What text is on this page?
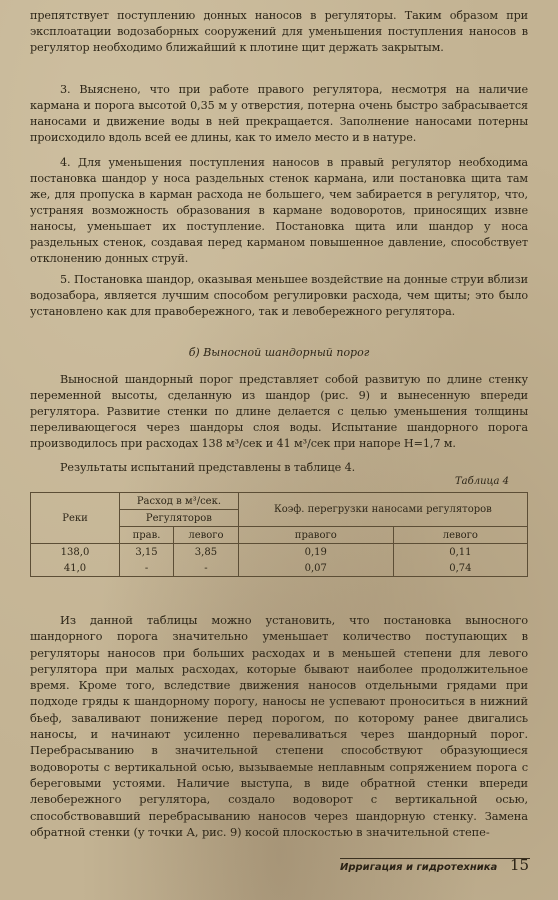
препятствует поступлению донных наносов в регуляторы. Таким образом при эксплоатации водозаборных сооружений для уменьшения поступления наносов в регулятор необходимо ближайший к плотине щит держать закрытым.

3. Выяснено, что при работе правого регулятора, несмотря на наличие кармана и порога высотой 0,35 м у отверстия, потерна очень быстро забрасывается наносами и движение воды в ней прекращается. Заполнение наносами потерны происходило вдоль всей ее длины, как то имело место и в натуре.

4. Для уменьшения поступления наносов в правый регулятор необходима постановка шандор у носа раздельных стенок кармана, или постановка щита там же, для пропуска в карман расхода не большего, чем забирается в регулятор, что, устраняя возможность образования в кармане водоворотов, приносящих извне наносы, уменьшает их поступление. Постановка щита или шандор у носа раздельных стенок, создавая перед карманом повышенное давление, способствует отклонению донных струй.

5. Постановка шандор, оказывая меньшее воздействие на донные струи вблизи водозабора, является лучшим способом регулировки расхода, чем щиты; это было установлено как для правобережного, так и левобережного регулятора.

б) Выносной шандорный порог

Выносной шандорный порог представляет собой развитую по длине стенку переменной высоты, сделанную из шандор (рис. 9) и вынесенную впереди регулятора. Развитие стенки по длине делается с целью уменьшения толщины переливающегося через шандоры слоя воды. Испытание шандорного порога производилось при расходах 138 м³/сек и 41 м³/сек при напоре H=1,7 м.

Результаты испытаний представлены в таблице 4.

Таблица 4

Реки	Расход в м³/сек.		Коэф. перегрузки наносами регуляторов	
	Регуляторов			
	прав.	левого	правого	левого
138,0	3,15	3,85	0,19	0,11
41,0	-	-	0,07	0,74

Из данной таблицы можно установить, что постановка выносного шандорного порога значительно уменьшает количество поступающих в регуляторы наносов при больших расходах и в меньшей степени для левого регулятора при малых расходах, которые бывают наиболее продолжительное время. Кроме того, вследствие движения наносов отдельными грядами при подходе гряды к шандорному порогу, наносы не успевают проноситься в нижний бьеф, заваливают понижение перед порогом, по которому ранее двигались наносы, и начинают усиленно переваливаться через шандорный порог. Перебрасыванию в значительной степени способствуют образующиеся водовороты с вертикальной осью, вызываемые неплавным сопряжением порога с береговыми устоями. Наличие выступа, в виде обратной стенки впереди левобережного регулятора, создало водоворот с вертикальной осью, способствовавший перебрасыванию наносов через шандорную стенку. Замена обратной стенки (у точки А, рис. 9) косой плоскостью в значительной степе-

Ирригация и гидротехника 15
